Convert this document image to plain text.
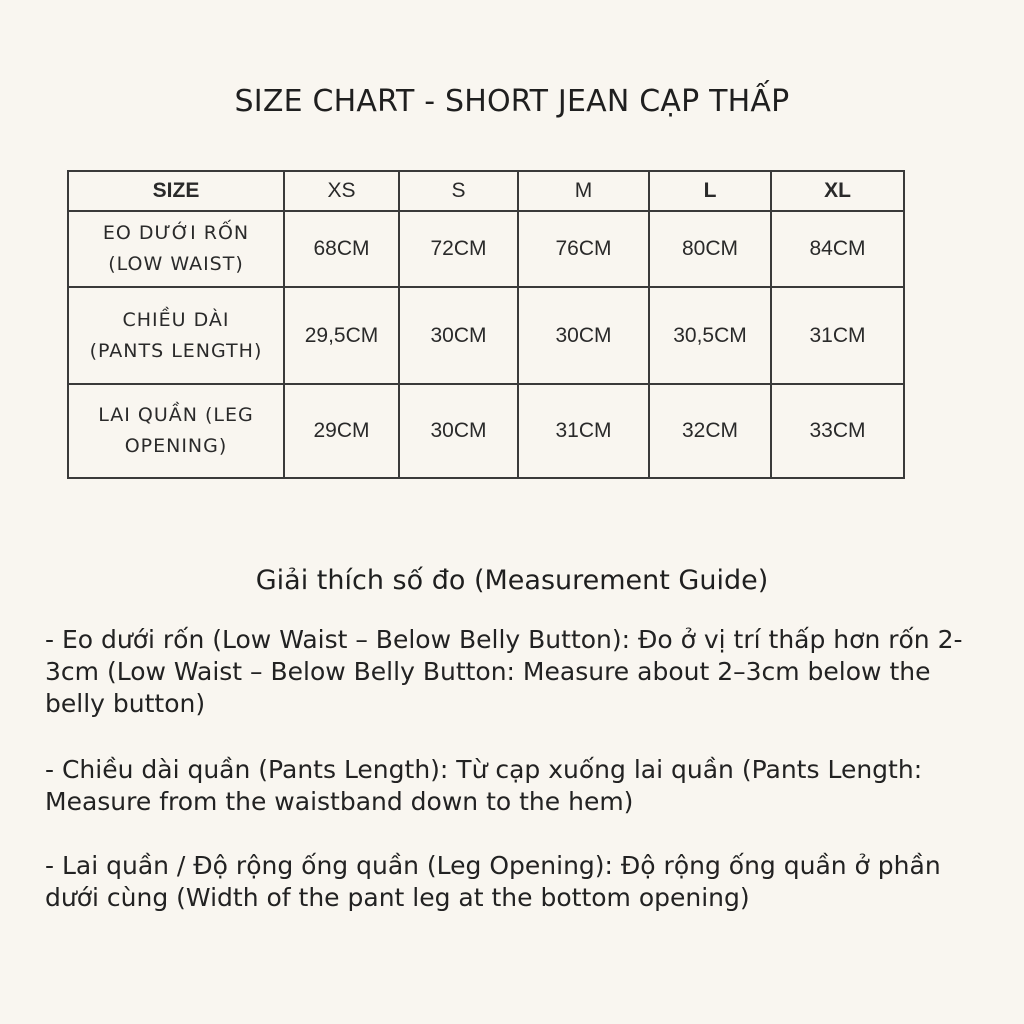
SIZE CHART - SHORT JEAN CẠP THẤP
SIZE	XS	S	M	L	XL

EO DƯỚI RỐN
(LOW WAIST)	68CM	72CM	76CM	80CM	84CM

CHIỀU DÀI
(PANTS LENGTH)	29,5CM	30CM	30CM	30,5CM	31CM

LAI QUẦN (LEG
OPENING)	29CM	30CM	31CM	32CM	33CM
Giải thích số đo (Measurement Guide)
- Eo dưới rốn (Low Waist – Below Belly Button): Đo ở vị trí thấp hơn rốn 2-3cm (Low Waist – Below Belly Button: Measure about 2–3cm below the belly button)
- Chiều dài quần (Pants Length): Từ cạp xuống lai quần (Pants Length: Measure from the waistband down to the hem)
- Lai quần / Độ rộng ống quần (Leg Opening): Độ rộng ống quần ở phần dưới cùng (Width of the pant leg at the bottom opening)
